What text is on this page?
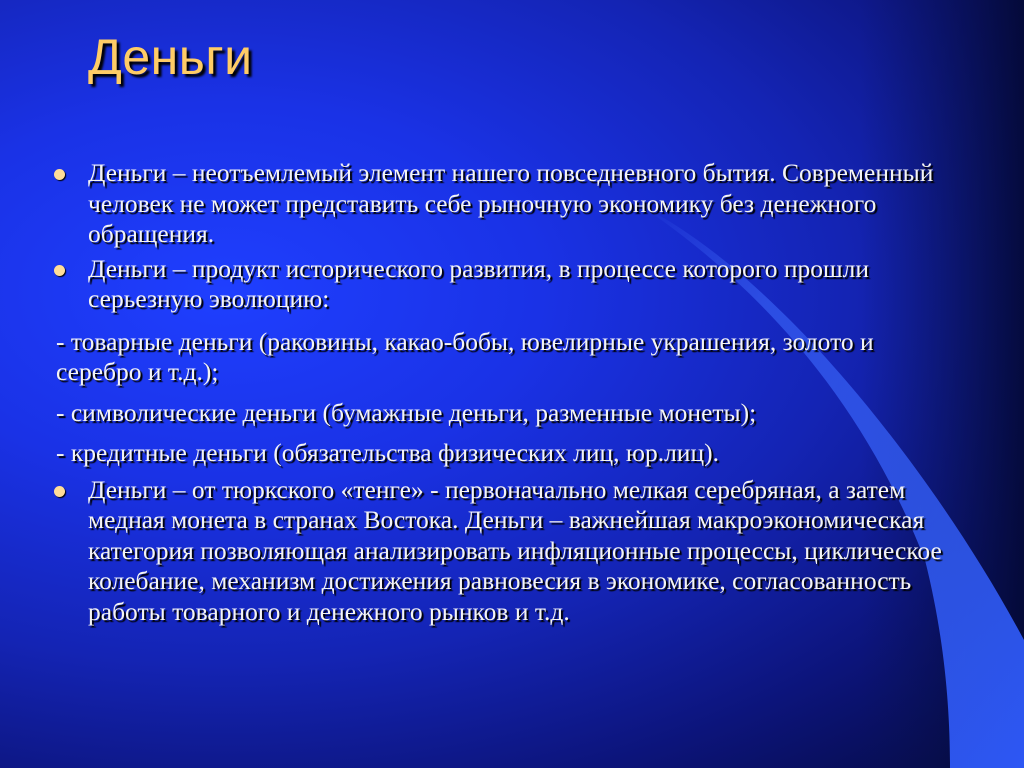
Деньги
Деньги – неотъемлемый элемент нашего повседневного бытия. Современный человек не может представить себе рыночную экономику без денежного обращения.
Деньги – продукт исторического развития, в процессе которого прошли серьезную эволюцию:
- товарные деньги (раковины, какао-бобы, ювелирные украшения, золото и серебро и т.д.);
- символические деньги (бумажные деньги, разменные монеты);
- кредитные деньги (обязательства физических лиц, юр.лиц).
Деньги – от тюркского «тенге» - первоначально мелкая серебряная, а затем медная монета в странах Востока. Деньги – важнейшая макроэкономическая категория позволяющая анализировать инфляционные процессы, циклическое колебание, механизм достижения равновесия в экономике, согласованность работы товарного и денежного рынков и т.д.
